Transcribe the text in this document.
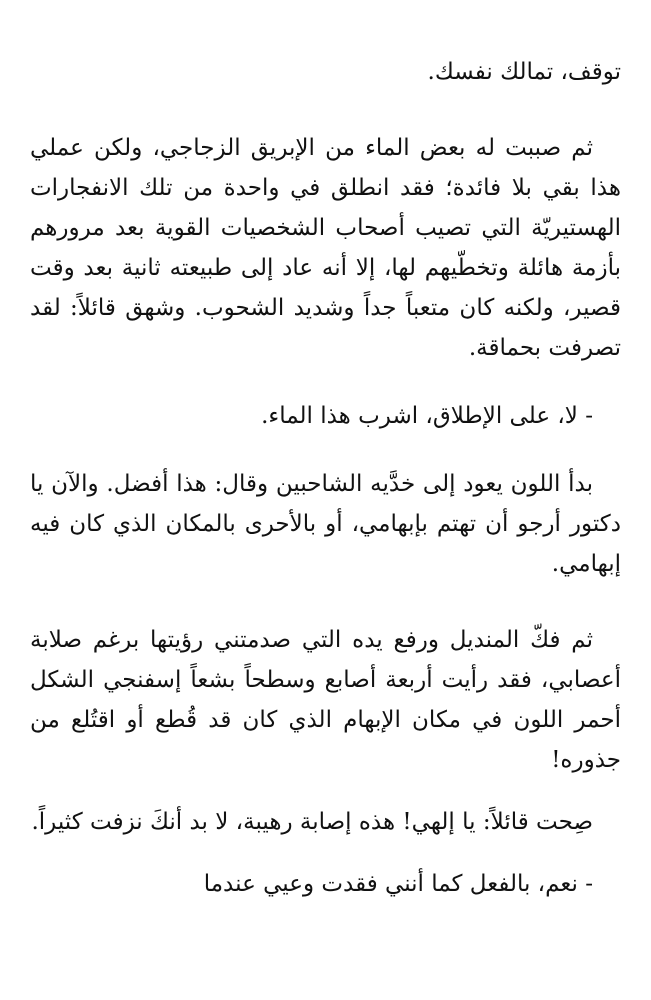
توقف، تمالك نفسك.

ثم صببت له بعض الماء من الإبريق الزجاجي، ولكن عملي هذا بقي بلا فائدة؛ فقد انطلق في واحدة من تلك الانفجارات الهستيريّة التي تصيب أصحاب الشخصيات القوية بعد مرورهم بأزمة هائلة وتخطّيهم لها، إلا أنه عاد إلى طبيعته ثانية بعد وقت قصير، ولكنه كان متعباً جداً وشديد الشحوب. وشهق قائلاً: لقد تصرفت بحماقة.

- لا، على الإطلاق، اشرب هذا الماء.

بدأ اللون يعود إلى خدَّيه الشاحبين وقال: هذا أفضل. والآن يا دكتور أرجو أن تهتم بإبهامي، أو بالأحرى بالمكان الذي كان فيه إبهامي.

ثم فكّ المنديل ورفع يده التي صدمتني رؤيتها برغم صلابة أعصابي، فقد رأيت أربعة أصابع وسطحاً بشعاً إسفنجي الشكل أحمر اللون في مكان الإبهام الذي كان قد قُطع أو اقتُلع من جذوره!

صِحت قائلاً: يا إلهي! هذه إصابة رهيبة، لا بد أنكَ نزفت كثيراً.

- نعم، بالفعل كما أنني فقدت وعيي عندما
